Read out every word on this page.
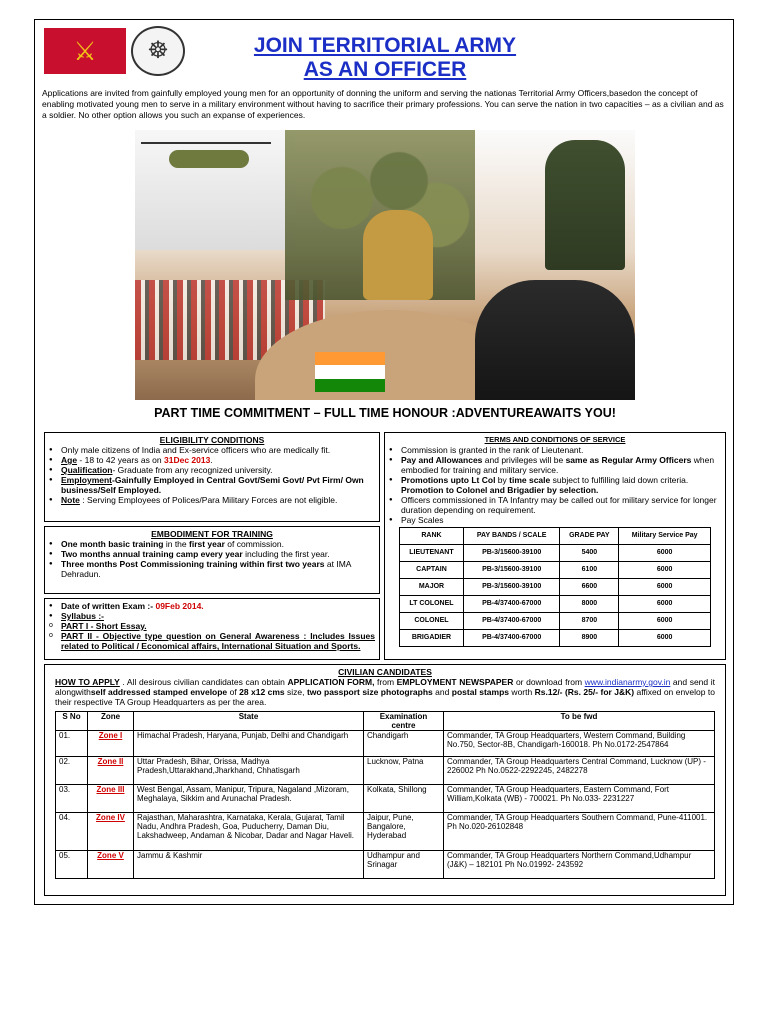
⚔	☸	JOIN TERRITORIAL ARMY
AS AN OFFICER
Applications are invited from gainfully employed young men for an opportunity of donning the uniform and serving the nationas Territorial Army Officers,basedon the concept of enabling motivated young men to serve in a military environment without having to sacrifice their primary professions. You can serve the nation in two capacities – as a civilian and as a soldier. No other option allows you such an expanse of experiences.
PART TIME COMMITMENT – FULL TIME HONOUR :ADVENTUREAWAITS YOU!
ELIGIBILITY CONDITIONS
● Only male citizens of India and Ex-service officers who are medically fit.
● Age - 18 to 42 years as on 31Dec 2013.
● Qualification- Graduate from any recognized university.
● Employment-Gainfully Employed in Central Govt/Semi Govt/ Pvt Firm/ Own business/Self Employed.
● Note : Serving Employees of Polices/Para Military Forces are not eligible.
EMBODIMENT FOR TRAINING
● One month basic training in the first year of commission.
● Two months annual training camp every year including the first year.
● Three months Post Commissioning training within first two years at IMA Dehradun.
● Date of written Exam :- 09Feb 2014.
● Syllabus :-
o PART I - Short Essay.
o PART II - Objective type question on General Awareness : Includes Issues related to Political / Economical affairs, International Situation and Sports.
TERMS AND CONDITIONS OF SERVICE
● Commission is granted in the rank of Lieutenant.
● Pay and Allowances and privileges will be same as Regular Army Officers when embodied for training and military service.
● Promotions upto Lt Col by time scale subject to fulfilling laid down criteria. Promotion to Colonel and Brigadier by selection.
● Officers commissioned in TA Infantry may be called out for military service for longer duration depending on requirement.
● Pay Scales
RANK	PAY BANDS / SCALE	GRADE PAY	Military Service Pay
LIEUTENANT	PB-3/15600-39100	5400	6000
CAPTAIN	PB-3/15600-39100	6100	6000
MAJOR	PB-3/15600-39100	6600	6000
LT COLONEL	PB-4/37400-67000	8000	6000
COLONEL	PB-4/37400-67000	8700	6000
BRIGADIER	PB-4/37400-67000	8900	6000
CIVILIAN CANDIDATES
HOW TO APPLY . All desirous civilian candidates can obtain APPLICATION FORM, from EMPLOYMENT NEWSPAPER or download from www.indianarmy.gov.in and send it alongwithself addressed stamped envelope of 28 x12 cms size, two passport size photographs and postal stamps worth Rs.12/- (Rs. 25/- for J&K) affixed on envelop to their respective TA Group Headquarters as per the area.
S No	Zone	State	Examination centre	To be fwd
01.	Zone I	Himachal Pradesh, Haryana, Punjab, Delhi and Chandigarh	Chandigarh	Commander, TA Group Headquarters, Western Command, Building No.750, Sector-8B, Chandigarh-160018. Ph No.0172-2547864
02.	Zone II	Uttar Pradesh, Bihar, Orissa, Madhya Pradesh,Uttarakhand,Jharkhand, Chhatisgarh	Lucknow, Patna	Commander, TA Group Headquarters Central Command, Lucknow (UP) - 226002 Ph No.0522-2292245, 2482278
03.	Zone III	West Bengal, Assam, Manipur, Tripura, Nagaland ,Mizoram, Meghalaya, Sikkim and Arunachal Pradesh.	Kolkata, Shillong	Commander, TA Group Headquarters, Eastern Command, Fort William,Kolkata (WB) - 700021. Ph No.033- 2231227
04.	Zone IV	Rajasthan, Maharashtra, Karnataka, Kerala, Gujarat, Tamil Nadu, Andhra Pradesh, Goa, Puducherry, Daman Diu, Lakshadweep, Andaman & Nicobar, Dadar and Nagar Haveli.	Jaipur, Pune, Bangalore, Hyderabad	Commander, TA Group Headquarters Southern Command, Pune-411001. Ph No.020-26102848
05.	Zone V	Jammu & Kashmir	Udhampur and Srinagar	Commander, TA Group Headquarters Northern Command,Udhampur (J&K) – 182101 Ph No.01992- 243592
